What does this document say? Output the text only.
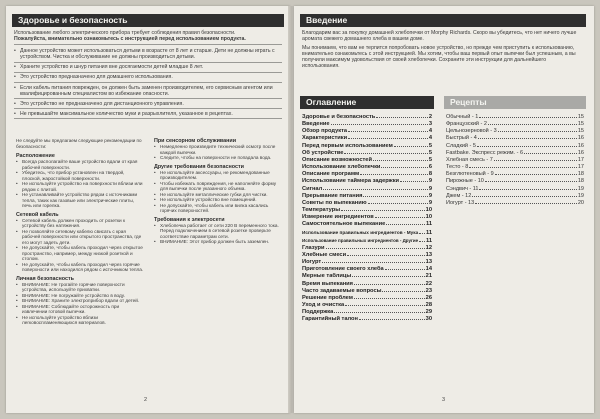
Здоровье и безопасность
Использование любого электрического прибора требует соблюдения правил безопасности.
Пожалуйста, внимательно ознакомьтесь с инструкцией перед использованием продукта.
• Данное устройство может использоваться детьми в возрасте от 8 лет и старше. Дети не должны играть с устройством. Чистка и обслуживание не должны производиться детьми.
• Храните устройство и шнур питания вне досягаемости детей младше 8 лет.
• Это устройство предназначено для домашнего использования.
• Если кабель питания поврежден, он должен быть заменен производителем, его сервисным агентом или квалифицированным специалистом во избежание опасности.
• Это устройство не предназначено для дистанционного управления.
• Не превышайте максимальное количество муки и разрыхлителя, указанное в рецептах.
Не следуйте мы предлагаем следующие рекомендации по безопасности:
Расположение
• Всегда располагайте ваше устройство вдали от края рабочей поверхности.
• Убедитесь, что прибор установлен на твердой, плоской, жаростойкой поверхности.
• Не используйте устройство на поверхности вблизи или рядом с плитой.
• Не устанавливайте устройство рядом с источниками тепла, таких как газовые или электрические плиты, печь или горелка.
Сетевой кабель
• Сетевой кабель должен проходить от розетки к устройству без натяжения.
• Не позволяйте сетевому кабелю свисать с края рабочей поверхности или открытого пространства, где его могут задеть дети.
• Не допускайте, чтобы кабель проходил через открытое пространство, например, между низкой розеткой и столом.
• Не допускайте, чтобы кабель проходил через горячие поверхности или находился рядом с источником тепла.
Личная безопасность
• ВНИМАНИЕ: Не трогайте горячие поверхности устройства, используйте прихватки.
• ВНИМАНИЕ: Не погружайте устройство в воду.
• ВНИМАНИЕ: Храните электроприбор вдали от детей.
• ВНИМАНИЕ: Соблюдайте осторожность при извлечении готовой выпечки.
• Не используйте устройство вблизи легковоспламеняющихся материалов.
При сенсорном обслуживании
• Немедленно произведите технический осмотр после каждой выпечки.
• Следите, чтобы на поверхности не попадала вода.
Другие требования безопасности
• Не используйте аксессуары, не рекомендованные производителем.
• Чтобы избежать повреждения, не наполняйте форму для выпечки после указанного объема.
• Не используйте металлические губки для чистки.
• Не используйте устройство вне помещений.
• Не допускайте, чтобы кабель или вилка касались горячих поверхностей.
Требования к электросети
• Хлебопечка работает от сети 220 В переменного тока. Перед подключением в сетевой розетке проверьте соответствие параметрам сети.
• ВНИМАНИЕ: Этот прибор должен быть заземлен.
2
Введение
Благодарим вас за покупку домашней хлебопечки от Morphy Richards. Скоро вы убедитесь, что нет ничего лучше аромата свежего домашнего хлеба в вашем доме.
Мы понимаем, что вам не терпится попробовать новое устройство, но прежде чем приступить к использованию, внимательно ознакомьтесь с этой инструкцией. Мы хотим, чтобы ваш первый опыт выпечки был успешным, а вы получили максимум удовольствия от своей хлебопечки. Сохраните эти инструкции для дальнейшего использования.
Оглавление	Рецепты
Здоровье и безопасность	2
Введение	3
Обзор продукта	4
Характеристики	4
Перед первым использованием	5
Об устройстве	5
Описание возможностей	5
Использование хлебопечки	6
Описание программ	8
Использование таймера задержки	9
Сигнал	9
Прерывание питания	9
Советы по выпеканию	9
Температуры	10
Измерение ингредиентов	10
Самостоятельное выпекание	11
Использование правильных ингредиентов - Мука 11
Использование правильных ингредиентов - Другие 11
Глазури	12
Хлебные смеси	13
Йогурт	13
Приготовление своего хлеба	14
Мерные таблицы	21
Время выпекания	22
Часто задаваемые вопросы	23
Решение проблем	26
Уход и очистка	28
Поддержка	29
Гарантийный талон	30
Обычный - 1	15
Французский - 2	15
Цельнозерновой - 3	15
Быстрый - 4	16
Сладкий - 5	16
Fastbake. Экспресс режим. - 6	16
Хлебная смесь - 7	17
Тесто - 8	17
Безглютеновый - 9	18
Пирожные - 10	18
Сэндвич - 11	19
Джем - 12	19
Йогурт - 13	20
3
